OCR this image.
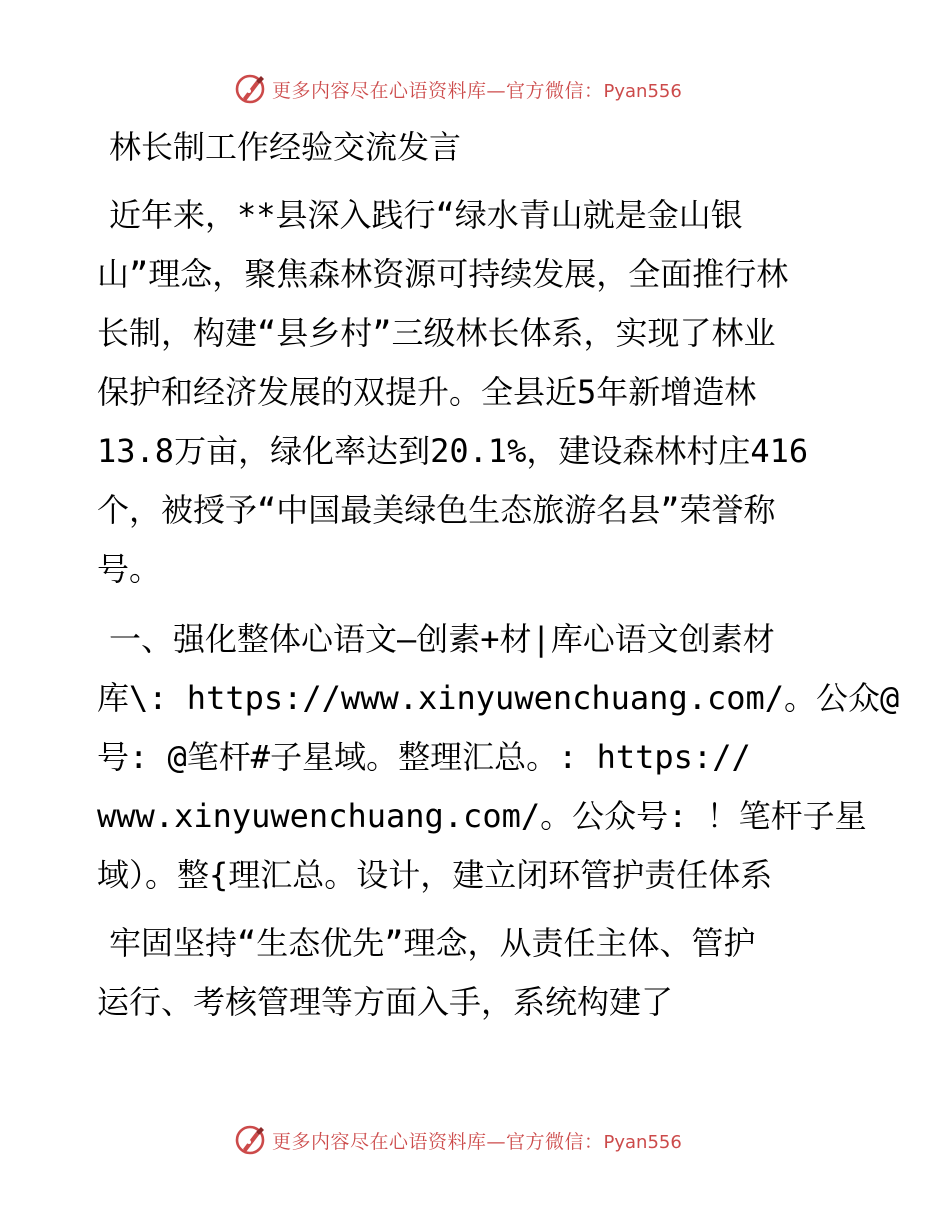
更多内容尽在心语资料库—官方微信：Pyan556
林长制工作经验交流发言

近年来，**县深入践行“绿水青山就是金山银
山”理念，聚焦森林资源可持续发展，全面推行林
长制，构建“县乡村”三级林长体系，实现了林业
保护和经济发展的双提升。全县近5年新增造林
13.8万亩，绿化率达到20.1%，建设森林村庄416
个，被授予“中国最美绿色生态旅游名县”荣誉称
号。

一、强化整体心语文—创素+材|库心语文创素材
库\: https://www.xinyuwenchuang.com/。公众@
号: @笔杆#子星域。整理汇总。: https://
www.xinyuwenchuang.com/。公众号: ！笔杆子星
域）。整{理汇总。设计，建立闭环管护责任体系

牢固坚持“生态优先”理念，从责任主体、管护
运行、考核管理等方面入手，系统构建了

更多内容尽在心语资料库—官方微信：Pyan556
